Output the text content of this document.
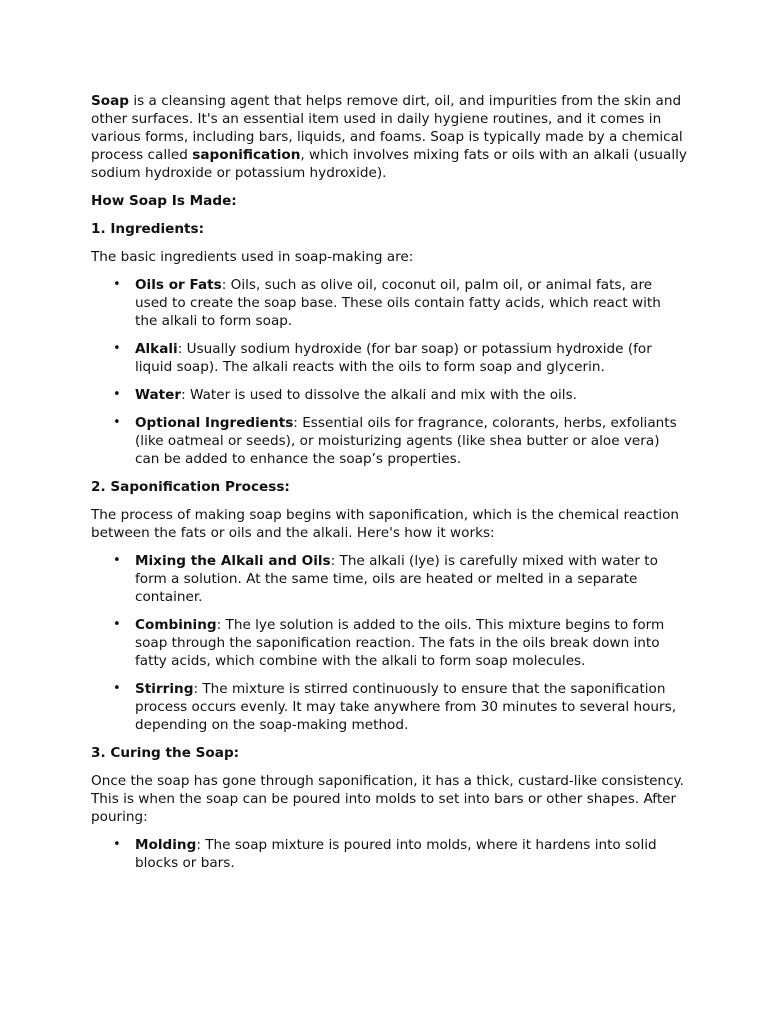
Soap is a cleansing agent that helps remove dirt, oil, and impurities from the skin and other surfaces. It's an essential item used in daily hygiene routines, and it comes in various forms, including bars, liquids, and foams. Soap is typically made by a chemical process called saponification, which involves mixing fats or oils with an alkali (usually sodium hydroxide or potassium hydroxide).

How Soap Is Made:

1. Ingredients:

The basic ingredients used in soap-making are:

• Oils or Fats: Oils, such as olive oil, coconut oil, palm oil, or animal fats, are used to create the soap base. These oils contain fatty acids, which react with the alkali to form soap.
• Alkali: Usually sodium hydroxide (for bar soap) or potassium hydroxide (for liquid soap). The alkali reacts with the oils to form soap and glycerin.
• Water: Water is used to dissolve the alkali and mix with the oils.
• Optional Ingredients: Essential oils for fragrance, colorants, herbs, exfoliants (like oatmeal or seeds), or moisturizing agents (like shea butter or aloe vera) can be added to enhance the soap’s properties.

2. Saponification Process:

The process of making soap begins with saponification, which is the chemical reaction between the fats or oils and the alkali. Here's how it works:

• Mixing the Alkali and Oils: The alkali (lye) is carefully mixed with water to form a solution. At the same time, oils are heated or melted in a separate container.
• Combining: The lye solution is added to the oils. This mixture begins to form soap through the saponification reaction. The fats in the oils break down into fatty acids, which combine with the alkali to form soap molecules.
• Stirring: The mixture is stirred continuously to ensure that the saponification process occurs evenly. It may take anywhere from 30 minutes to several hours, depending on the soap-making method.

3. Curing the Soap:

Once the soap has gone through saponification, it has a thick, custard-like consistency. This is when the soap can be poured into molds to set into bars or other shapes. After pouring:

• Molding: The soap mixture is poured into molds, where it hardens into solid blocks or bars.
